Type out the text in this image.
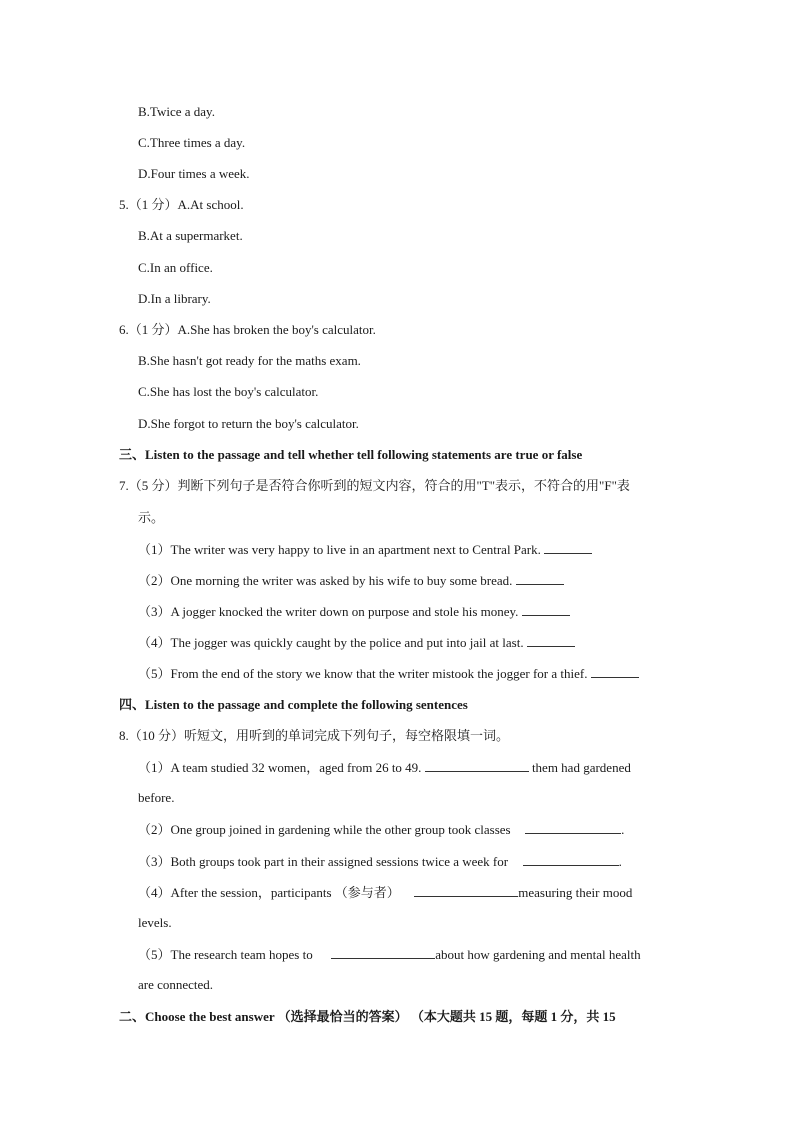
B.Twice a day.
C.Three times a day.
D.Four times a week.
5.（1 分）A.At school.
B.At a supermarket.
C.In an office.
D.In a library.
6.（1 分）A.She has broken the boy's calculator.
B.She hasn't got ready for the maths exam.
C.She has lost the boy's calculator.
D.She forgot to return the boy's calculator.
三、Listen to the passage and tell whether tell following statements are true or false
7.（5 分）判断下列句子是否符合你听到的短文内容，符合的用"T"表示，不符合的用"F"表
示。
（1）The writer was very happy to live in an apartment next to Central Park.
（2）One morning the writer was asked by his wife to buy some bread.
（3）A jogger knocked the writer down on purpose and stole his money.
（4）The jogger was quickly caught by the police and put into jail at last.
（5）From the end of the story we know that the writer mistook the jogger for a thief.
四、Listen to the passage and complete the following sentences
8.（10 分）听短文，用听到的单词完成下列句子，每空格限填一词。
（1）A team studied 32 women，aged from 26 to 49.	them had gardened
before.
（2）One group joined in gardening while the other group took classes	.
（3）Both groups took part in their assigned sessions twice a week for	.
（4）After the session，participants （参与者）	measuring their mood
levels.
（5）The research team hopes to	about how gardening and mental health
are connected.
二、Choose the best answer （选择最恰当的答案） （本大题共 15 题，每题 1 分，共 15
